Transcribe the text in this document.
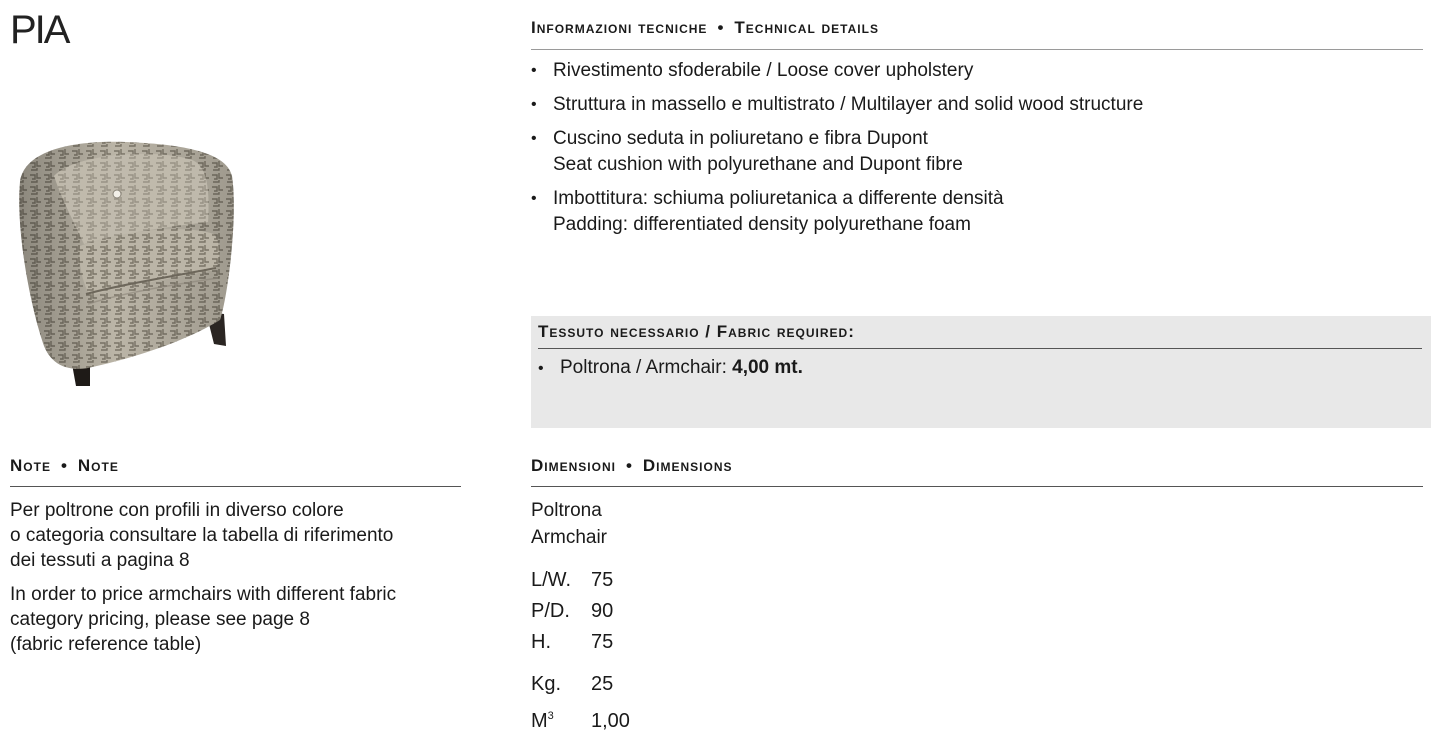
PIA	Informazioni tecniche • Technical details
• Rivestimento sfoderabile / Loose cover upholstery
• Struttura in massello e multistrato / Multilayer and solid wood structure
• Cuscino seduta in poliuretano e fibra Dupont
Seat cushion with polyurethane and Dupont fibre
• Imbottitura: schiuma poliuretanica a differente densità
Padding: differentiated density polyurethane foam
Tessuto necessario / Fabric required:
• Poltrona / Armchair: 4,00 mt.
Note • Note

Per poltrone con profili in diverso colore
o categoria consultare la tabella di riferimento
dei tessuti a pagina 8

In order to price armchairs with different fabric
category pricing, please see page 8
(fabric reference table)

Dimensioni • Dimensions
Poltrona
Armchair
L/W. 75
P/D. 90
H. 75
Kg. 25
$M^3$ 1,00
